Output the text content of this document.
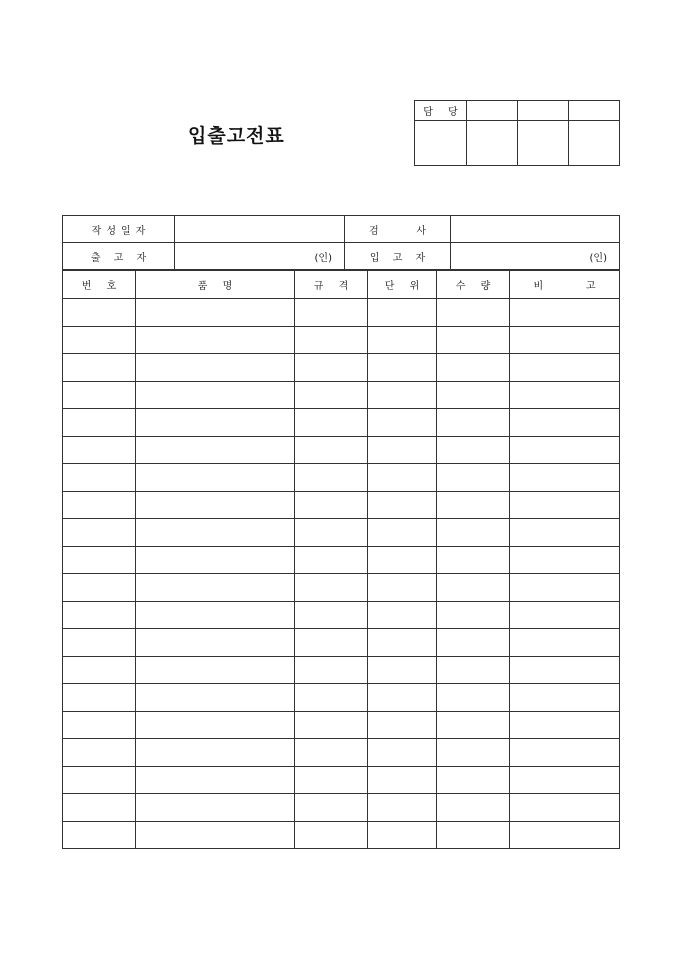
입출고전표
담 당			

작성일자		검    사	
출 고 자	(인)	입 고 자	(인)
번 호	품 명	규 격	단 위	수 량	비    고
